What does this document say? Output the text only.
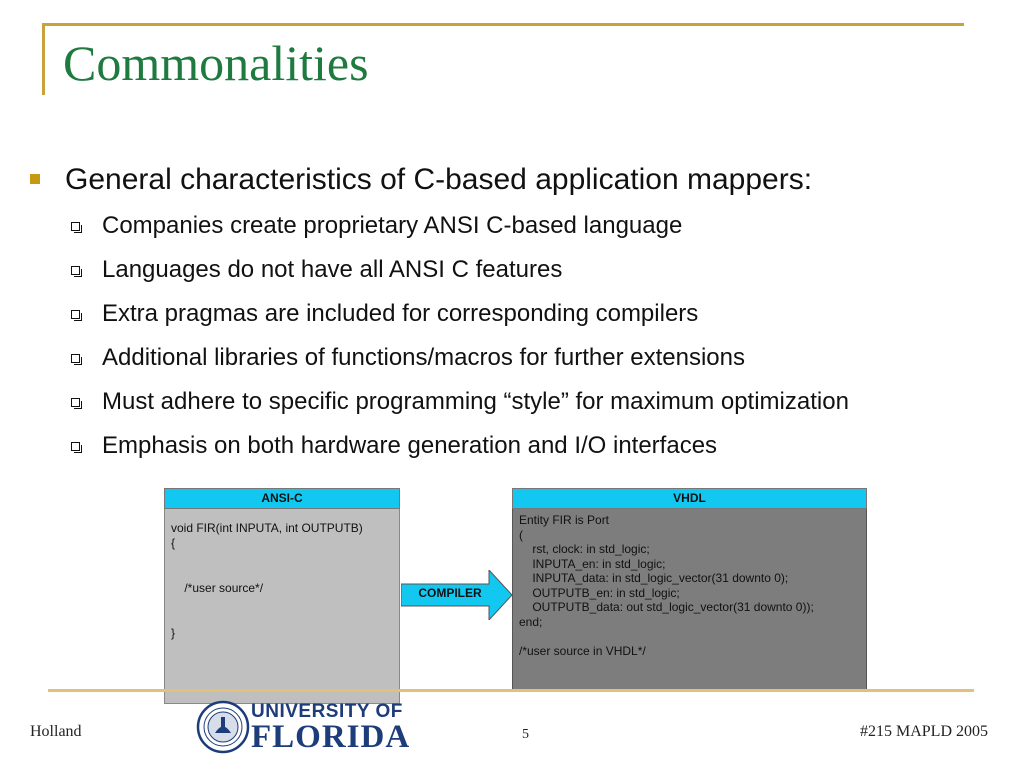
Commonalities
General characteristics of C-based application mappers:
Companies create proprietary ANSI C-based language
Languages do not have all ANSI C features
Extra pragmas are included for corresponding compilers
Additional libraries of functions/macros for further extensions
Must adhere to specific programming “style” for maximum optimization
Emphasis on both hardware generation and I/O interfaces
ANSI-C
void FIR(int INPUTA, int OUTPUTB)
{

/*user source*/

}
COMPILER
VHDL
Entity FIR is Port
(
rst, clock: in std_logic;
INPUTA_en: in std_logic;
INPUTA_data: in std_logic_vector(31 downto 0);
OUTPUTB_en: in std_logic;
OUTPUTB_data: out std_logic_vector(31 downto 0));
end;

/*user source in VHDL*/
Holland
UNIVERSITY OF
FLORIDA	5	#215 MAPLD 2005
